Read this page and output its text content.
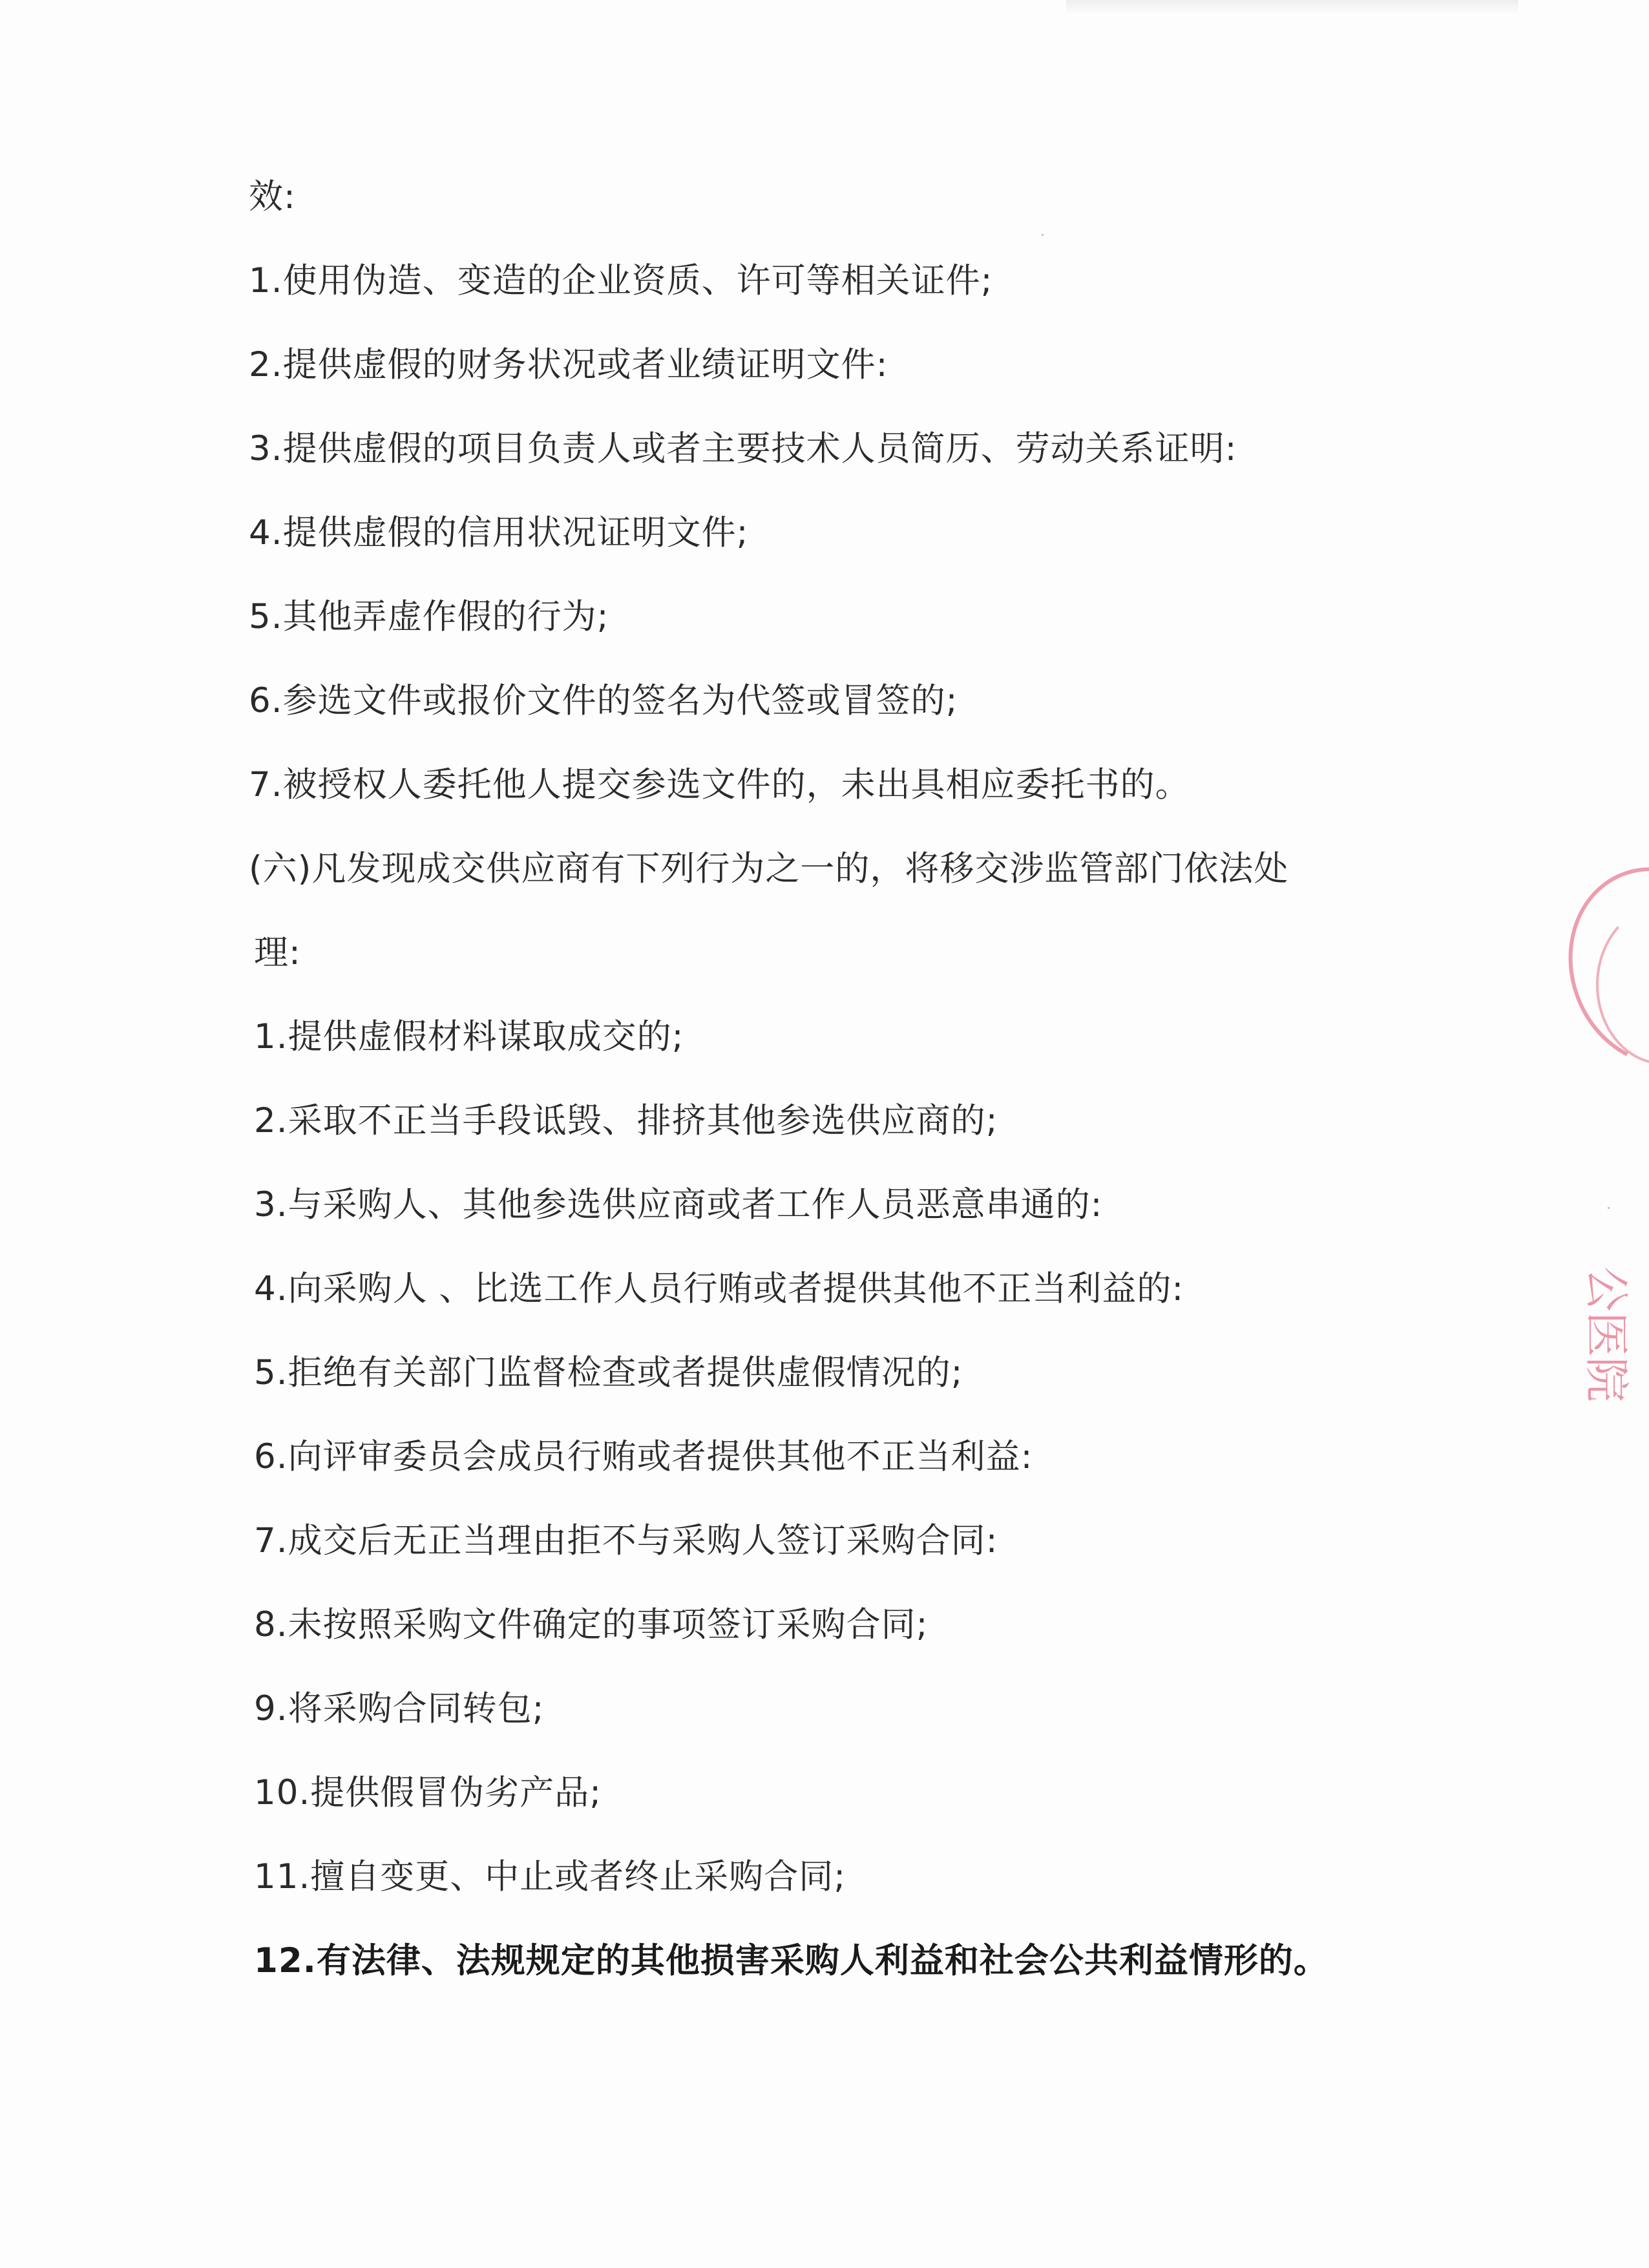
效:
1.使用伪造、变造的企业资质、许可等相关证件;
2.提供虚假的财务状况或者业绩证明文件:
3.提供虚假的项目负责人或者主要技术人员简历、劳动关系证明:
4.提供虚假的信用状况证明文件;
5.其他弄虚作假的行为;
6.参选文件或报价文件的签名为代签或冒签的;
7.被授权人委托他人提交参选文件的，未出具相应委托书的。
(六)凡发现成交供应商有下列行为之一的，将移交涉监管部门依法处
理:
1.提供虚假材料谋取成交的;
2.采取不正当手段诋毁、排挤其他参选供应商的;
3.与采购人、其他参选供应商或者工作人员恶意串通的:
4.向采购人 、比选工作人员行贿或者提供其他不正当利益的:
5.拒绝有关部门监督检查或者提供虚假情况的;
6.向评审委员会成员行贿或者提供其他不正当利益:
7.成交后无正当理由拒不与采购人签订采购合同:
8.未按照采购文件确定的事项签订采购合同;
9.将采购合同转包;
10.提供假冒伪劣产品;
11.擅自变更、中止或者终止采购合同;
12.有法律、法规规定的其他损害采购人利益和社会公共利益情形的。
公医院
